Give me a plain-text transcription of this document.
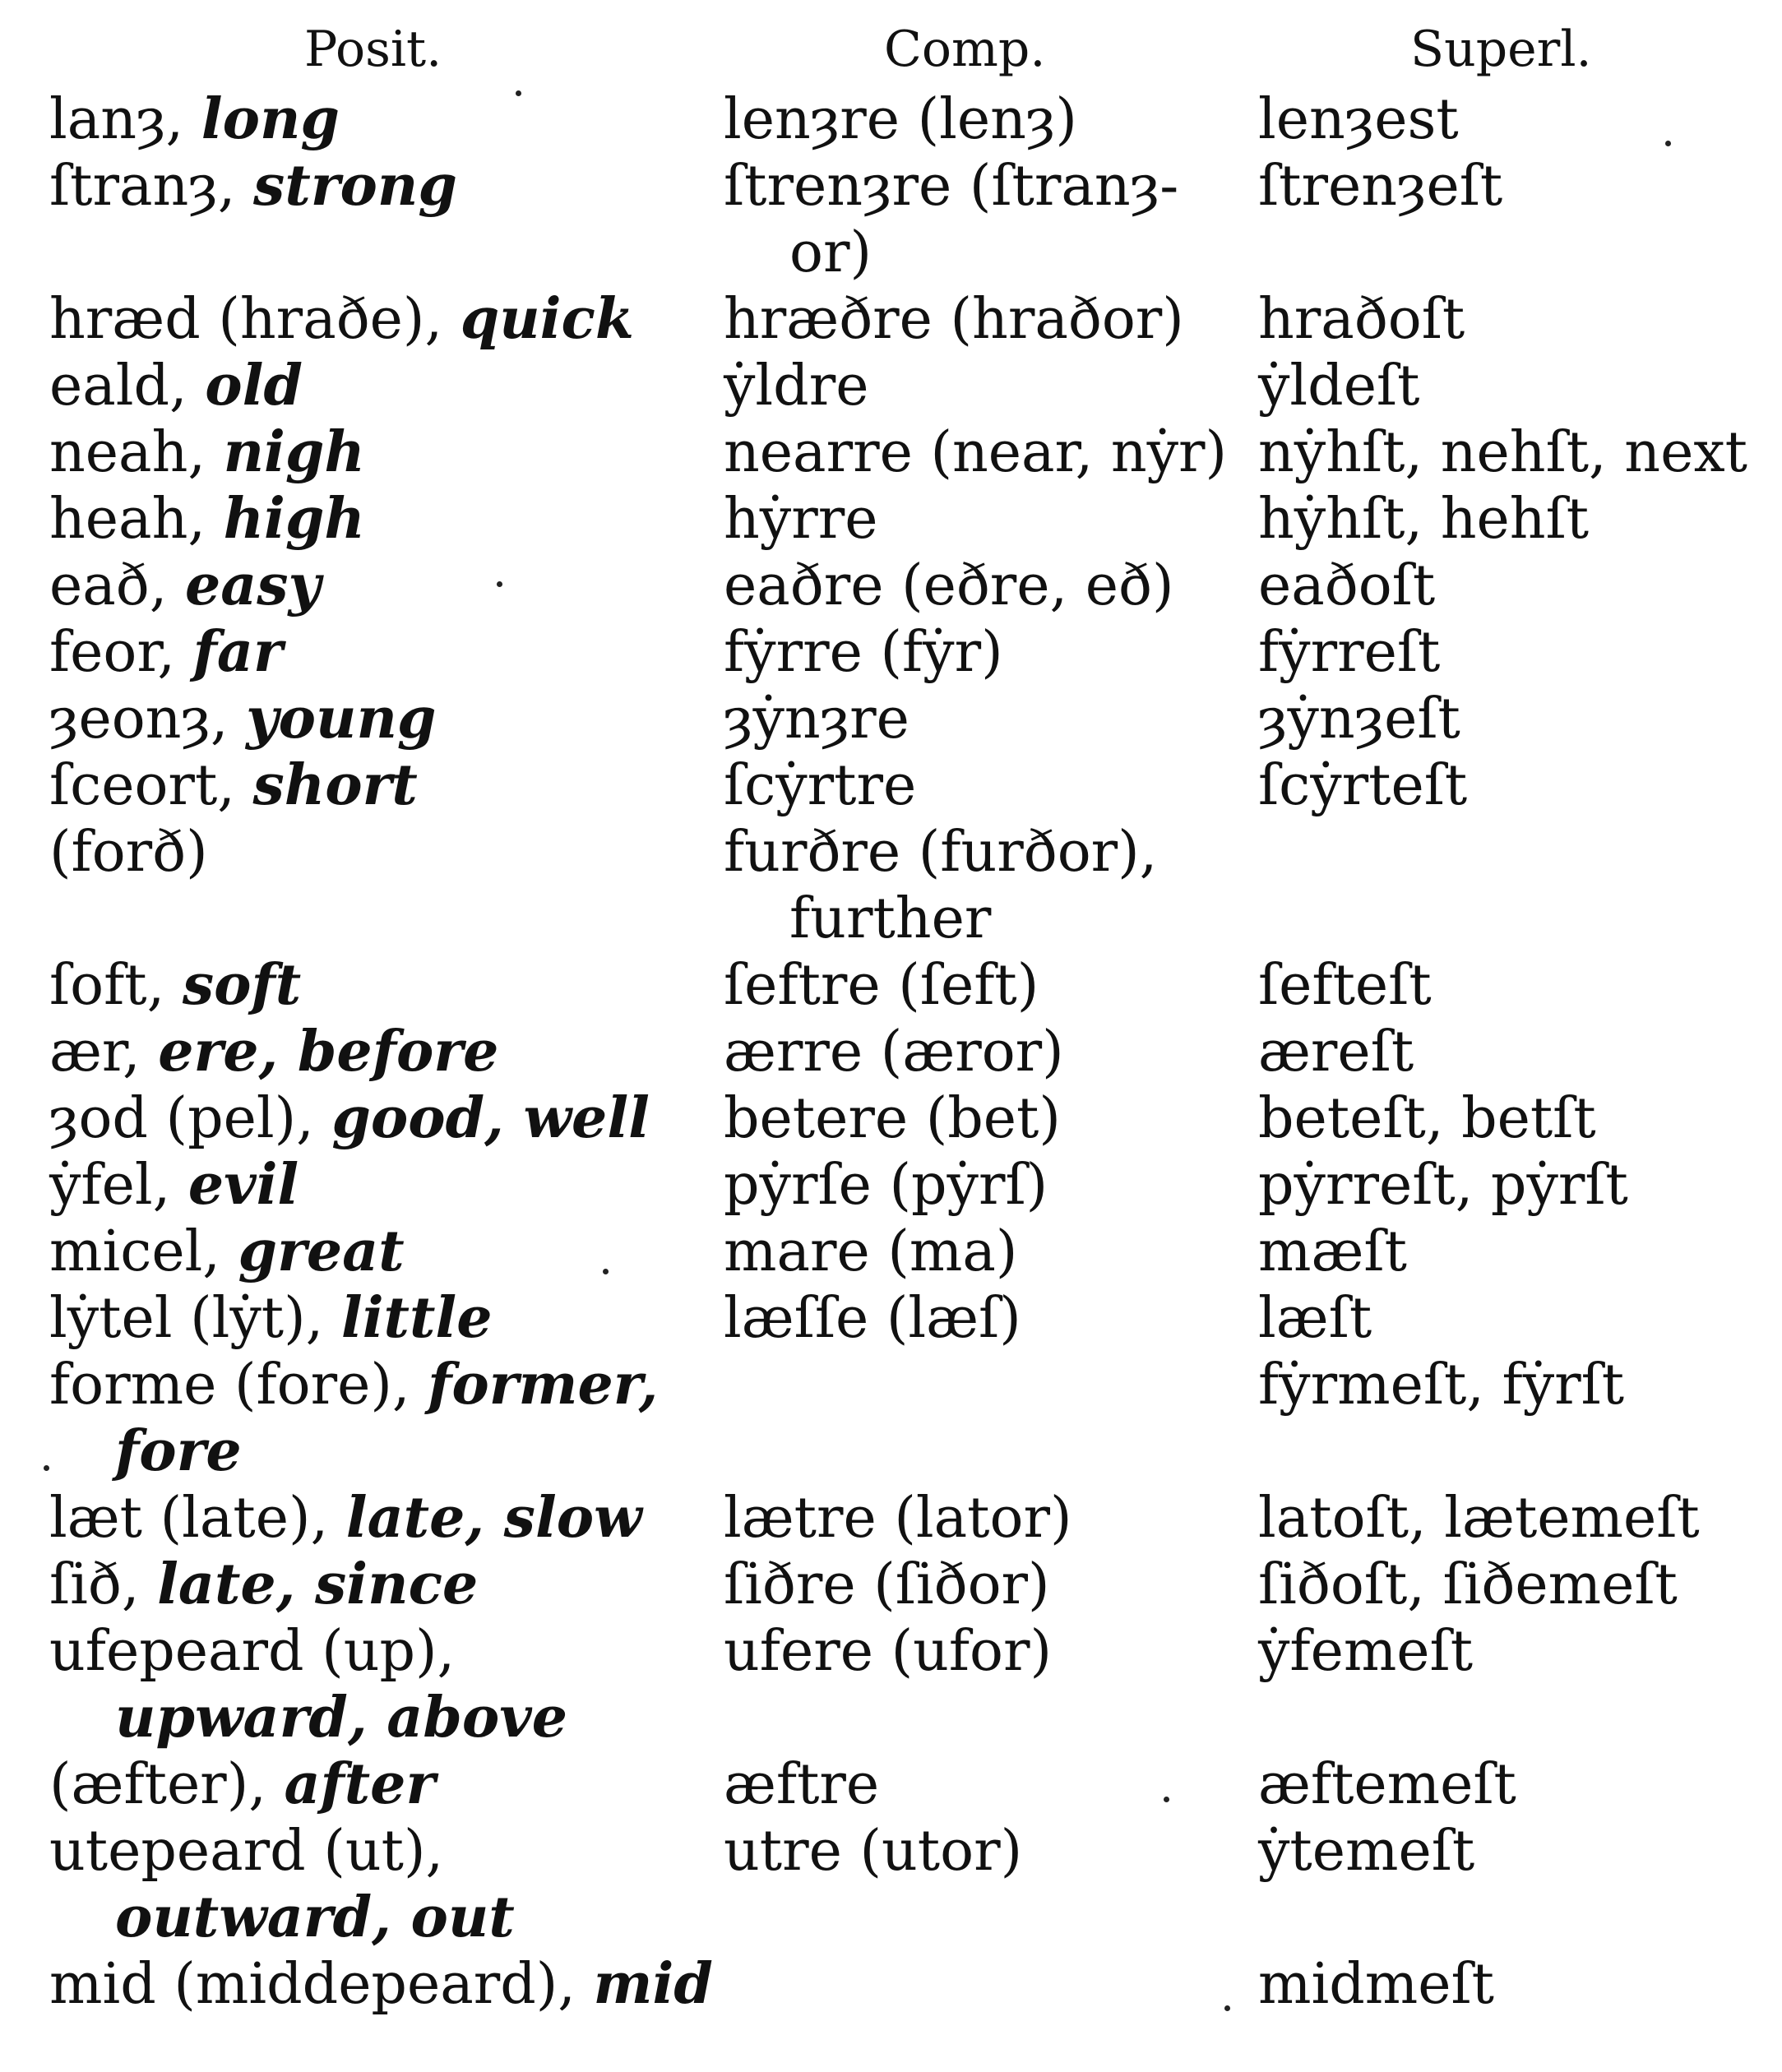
Posit.	Comp.	Superl.

lanȝ, long	lenȝre (lenȝ)	lenȝest

ſtranȝ, strong	ſtrenȝre (ſtranȝ-or)	ſtrenȝeſt

hræd (hraðe), quick	hræðre (hraðor)	hraðoſt

eald, old	ẏldre	ẏldeſt

neah, nigh	nearre (near, nẏr)	nẏhſt, nehſt, next

heah, high	hẏrre	hẏhſt, hehſt

eað, easy	eaðre (eðre, eð)	eaðoſt

feor, far	fẏrre (fẏr)	fẏrreſt

ȝeonȝ, young	ȝẏnȝre	ȝẏnȝeſt

ſceort, short	ſcẏrtre	ſcẏrteſt

(forð)	furðre (furðor), further	

ſoft, soft	ſeftre (ſeft)	ſefteſt

ær, ere, before	ærre (æror)	æreſt

ȝod (pel), good, well	betere (bet)	beteſt, betſt

ẏfel, evil	pẏrſe (pẏrſ)	pẏrreſt, pẏrſt

micel, great	mare (ma)	mæſt

lẏtel (lẏt), little	læſſe (læſ)	læſt

forme (fore), former, fore		fẏrmeſt, fẏrſt

læt (late), late, slow	lætre (lator)	latoſt, lætemeſt

ſið, late, since	ſiðre (ſiðor)	ſiðoſt, ſiðemeſt

ufepeard (up), upward, above	ufere (ufor)	ẏfemeſt

(æfter), after	æftre	æftemeſt

utepeard (ut), outward, out	utre (utor)	ẏtemeſt

mid (middepeard), mid		midmeſt
